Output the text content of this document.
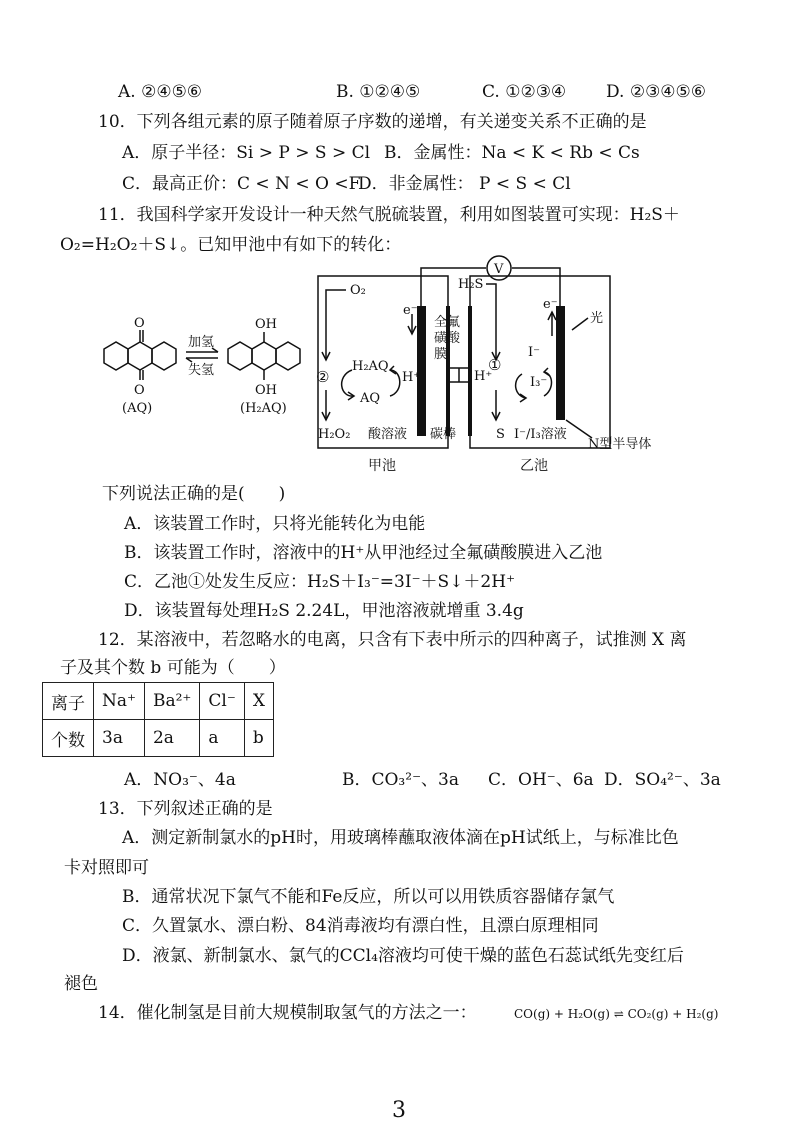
A. ②④⑤⑥	B. ①②④⑤	C. ①②③④ D. ②③④⑤⑥
10．下列各组元素的原子随着原子序数的递增，有关递变关系不正确的是
A．原子半径：Si > P > S > Cl B．金属性：Na < K < Rb < Cs
C．最高正价：C < N < O <F
D．非金属性： P < S < Cl
11．我国科学家开发设计一种天然气脱硫装置，利用如图装置可实现：H₂S＋
O₂=H₂O₂＋S↓。已知甲池中有如下的转化：
O
O
(AQ)
加氢
失氢
OH
OH
(H₂AQ)
O₂
e⁻
②
H₂AQ
AQ
H⁺
H₂O₂ 酸溶液 碳棒
全氟
磺酸
膜
V
H₂S
H⁺
①
I⁻
I₃⁻
S I⁻/I₃溶液
e⁻
光
N型半导体
甲池	乙池
下列说法正确的是(　　)
A．该装置工作时，只将光能转化为电能
B．该装置工作时，溶液中的H⁺从甲池经过全氟磺酸膜进入乙池
C．乙池①处发生反应：H₂S＋I₃⁻=3I⁻＋S↓＋2H⁺
D．该装置每处理H₂S 2.24L，甲池溶液就增重 3.4g
12．某溶液中，若忽略水的电离，只含有下表中所示的四种离子，试推测 X 离
子及其个数 b 可能为（　　）
离子	Na⁺	Ba²⁺	Cl⁻	X
个数	3a	2a	a	b
A．NO₃⁻、4a	B．CO₃²⁻、3a C．OH⁻、6a D．SO₄²⁻、3a
13．下列叙述正确的是
A．测定新制氯水的pH时，用玻璃棒蘸取液体滴在pH试纸上，与标准比色
卡对照即可
B．通常状况下氯气不能和Fe反应，所以可以用铁质容器储存氯气
C．久置氯水、漂白粉、84消毒液均有漂白性，且漂白原理相同
D．液氯、新制氯水、氯气的CCl₄溶液均可使干燥的蓝色石蕊试纸先变红后
褪色
14．催化制氢是目前大规模制取氢气的方法之一：	CO(g) + H₂O(g) ⇌ CO₂(g) + H₂(g)
3
